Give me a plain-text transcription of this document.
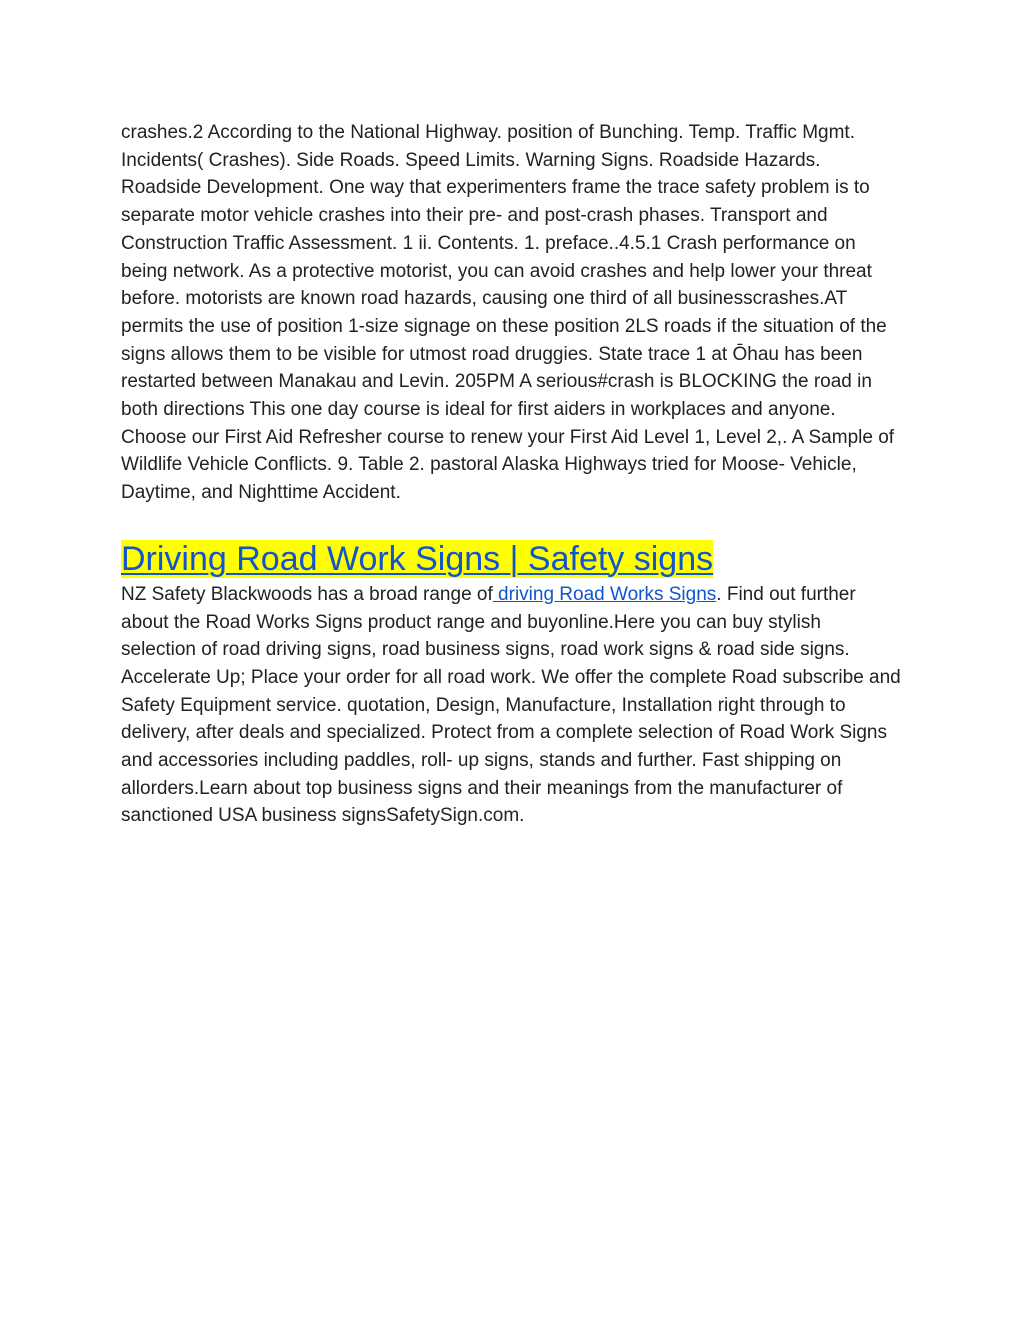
crashes.2 According to the National Highway. position of Bunching. Temp. Traffic Mgmt. Incidents( Crashes). Side Roads. Speed Limits. Warning Signs. Roadside Hazards. Roadside Development. One way that experimenters frame the trace safety problem is to separate motor vehicle crashes into their pre- and post-crash phases. Transport and Construction Traffic Assessment. 1 ii. Contents. 1. preface..4.5.1 Crash performance on being network. As a protective motorist, you can avoid crashes and help lower your threat before. motorists are known road hazards, causing one third of all businesscrashes.AT permits the use of position 1-size signage on these position 2LS roads if the situation of the signs allows them to be visible for utmost road druggies. State trace 1 at Ōhau has been restarted between Manakau and Levin. 205PM A serious#crash is BLOCKING the road in both directions This one day course is ideal for first aiders in workplaces and anyone. Choose our First Aid Refresher course to renew your First Aid Level 1, Level 2,. A Sample of Wildlife Vehicle Conflicts. 9. Table 2. pastoral Alaska Highways tried for Moose- Vehicle, Daytime, and Nighttime Accident.

Driving Road Work Signs | Safety signs

NZ Safety Blackwoods has a broad range of driving Road Works Signs. Find out further about the Road Works Signs product range and buyonline.Here you can buy stylish selection of road driving signs, road business signs, road work signs & road side signs. Accelerate Up; Place your order for all road work. We offer the complete Road subscribe and Safety Equipment service. quotation, Design, Manufacture, Installation right through to delivery, after deals and specialized. Protect from a complete selection of Road Work Signs and accessories including paddles, roll- up signs, stands and further. Fast shipping on allorders.Learn about top business signs and their meanings from the manufacturer of sanctioned USA business signsSafetySign.com.
